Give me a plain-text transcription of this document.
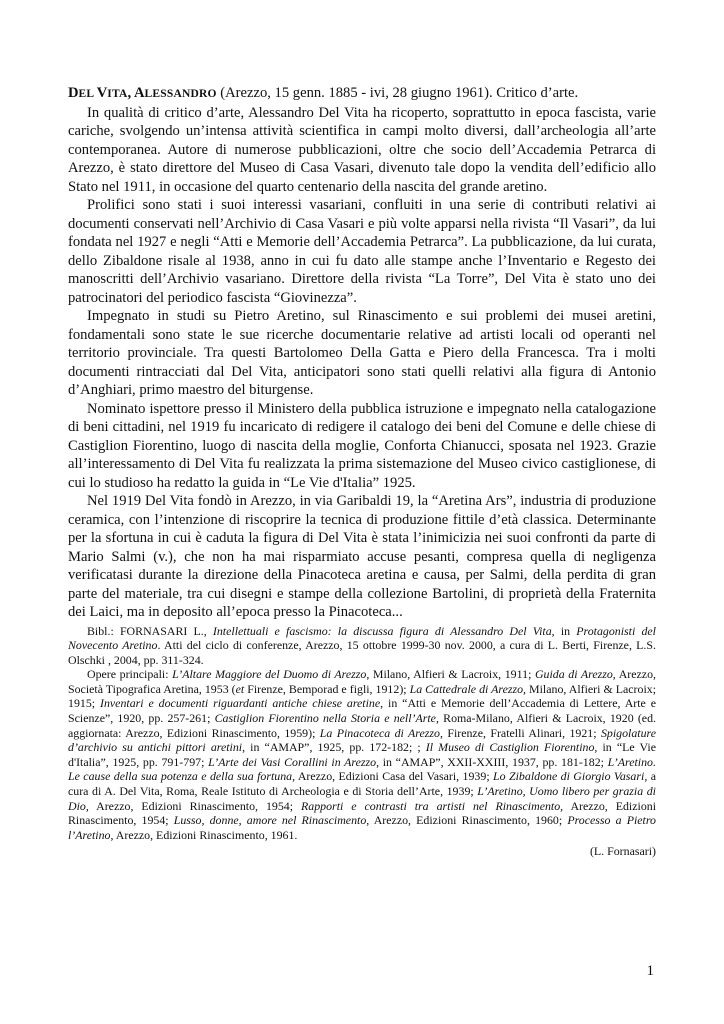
DEL VITA, ALESSANDRO (Arezzo, 15 genn. 1885 - ivi, 28 giugno 1961). Critico d’arte.

In qualità di critico d’arte, Alessandro Del Vita ha ricoperto, soprattutto in epoca fascista, varie cariche, svolgendo un’intensa attività scientifica in campi molto diversi, dall’archeologia all’arte contemporanea. Autore di numerose pubblicazioni, oltre che socio dell’Accademia Petrarca di Arezzo, è stato direttore del Museo di Casa Vasari, divenuto tale dopo la vendita dell’edificio allo Stato nel 1911, in occasione del quarto centenario della nascita del grande aretino.

Prolifici sono stati i suoi interessi vasariani, confluiti in una serie di contributi relativi ai documenti conservati nell’Archivio di Casa Vasari e più volte apparsi nella rivista “Il Vasari”, da lui fondata nel 1927 e negli “Atti e Memorie dell’Accademia Petrarca”. La pubblicazione, da lui curata, dello Zibaldone risale al 1938, anno in cui fu dato alle stampe anche l’Inventario e Regesto dei manoscritti dell’Archivio vasariano. Direttore della rivista “La Torre”, Del Vita è stato uno dei patrocinatori del periodico fascista “Giovinezza”.

Impegnato in studi su Pietro Aretino, sul Rinascimento e sui problemi dei musei aretini, fondamentali sono state le sue ricerche documentarie relative ad artisti locali od operanti nel territorio provinciale. Tra questi Bartolomeo Della Gatta e Piero della Francesca. Tra i molti documenti rintracciati dal Del Vita, anticipatori sono stati quelli relativi alla figura di Antonio d’Anghiari, primo maestro del biturgense.

Nominato ispettore presso il Ministero della pubblica istruzione e impegnato nella catalogazione di beni cittadini, nel 1919 fu incaricato di redigere il catalogo dei beni del Comune e delle chiese di Castiglion Fiorentino, luogo di nascita della moglie, Conforta Chianucci, sposata nel 1923. Grazie all’interessamento di Del Vita fu realizzata la prima sistemazione del Museo civico castiglionese, di cui lo studioso ha redatto la guida in “Le Vie d'Italia” 1925.

Nel 1919 Del Vita fondò in Arezzo, in via Garibaldi 19, la “Aretina Ars”, industria di produzione ceramica, con l’intenzione di riscoprire la tecnica di produzione fittile d’età classica. Determinante per la sfortuna in cui è caduta la figura di Del Vita è stata l’inimicizia nei suoi confronti da parte di Mario Salmi (v.), che non ha mai risparmiato accuse pesanti, compresa quella di negligenza verificatasi durante la direzione della Pinacoteca aretina e causa, per Salmi, della perdita di gran parte del materiale, tra cui disegni e stampe della collezione Bartolini, di proprietà della Fraternita dei Laici, ma in deposito all’epoca presso la Pinacoteca...

Bibl.: FORNASARI L., Intellettuali e fascismo: la discussa figura di Alessandro Del Vita, in Protagonisti del Novecento Aretino. Atti del ciclo di conferenze, Arezzo, 15 ottobre 1999-30 nov. 2000, a cura di L. Berti, Firenze, L.S. Olschki , 2004, pp. 311-324.

Opere principali: L’Altare Maggiore del Duomo di Arezzo, Milano, Alfieri & Lacroix, 1911; Guida di Arezzo, Arezzo, Società Tipografica Aretina, 1953 (et Firenze, Bemporad e figli, 1912); La Cattedrale di Arezzo, Milano, Alfieri & Lacroix; 1915; Inventari e documenti riguardanti antiche chiese aretine, in “Atti e Memorie dell’Accademia di Lettere, Arte e Scienze”, 1920, pp. 257-261; Castiglion Fiorentino nella Storia e nell’Arte, Roma-Milano, Alfieri & Lacroix, 1920 (ed. aggiornata: Arezzo, Edizioni Rinascimento, 1959); La Pinacoteca di Arezzo, Firenze, Fratelli Alinari, 1921; Spigolature d’archivio su antichi pittori aretini, in “AMAP”, 1925, pp. 172-182; ; Il Museo di Castiglion Fiorentino, in “Le Vie d'Italia”, 1925, pp. 791-797; L’Arte dei Vasi Corallini in Arezzo, in “AMAP”, XXII-XXIII, 1937, pp. 181-182; L’Aretino. Le cause della sua potenza e della sua fortuna, Arezzo, Edizioni Casa del Vasari, 1939; Lo Zibaldone di Giorgio Vasari, a cura di A. Del Vita, Roma, Reale Istituto di Archeologia e di Storia dell’Arte, 1939; L’Aretino, Uomo libero per grazia di Dio, Arezzo, Edizioni Rinascimento, 1954; Rapporti e contrasti tra artisti nel Rinascimento, Arezzo, Edizioni Rinascimento, 1954; Lusso, donne, amore nel Rinascimento, Arezzo, Edizioni Rinascimento, 1960; Processo a Pietro l’Aretino, Arezzo, Edizioni Rinascimento, 1961.

(L. Fornasari)

1
